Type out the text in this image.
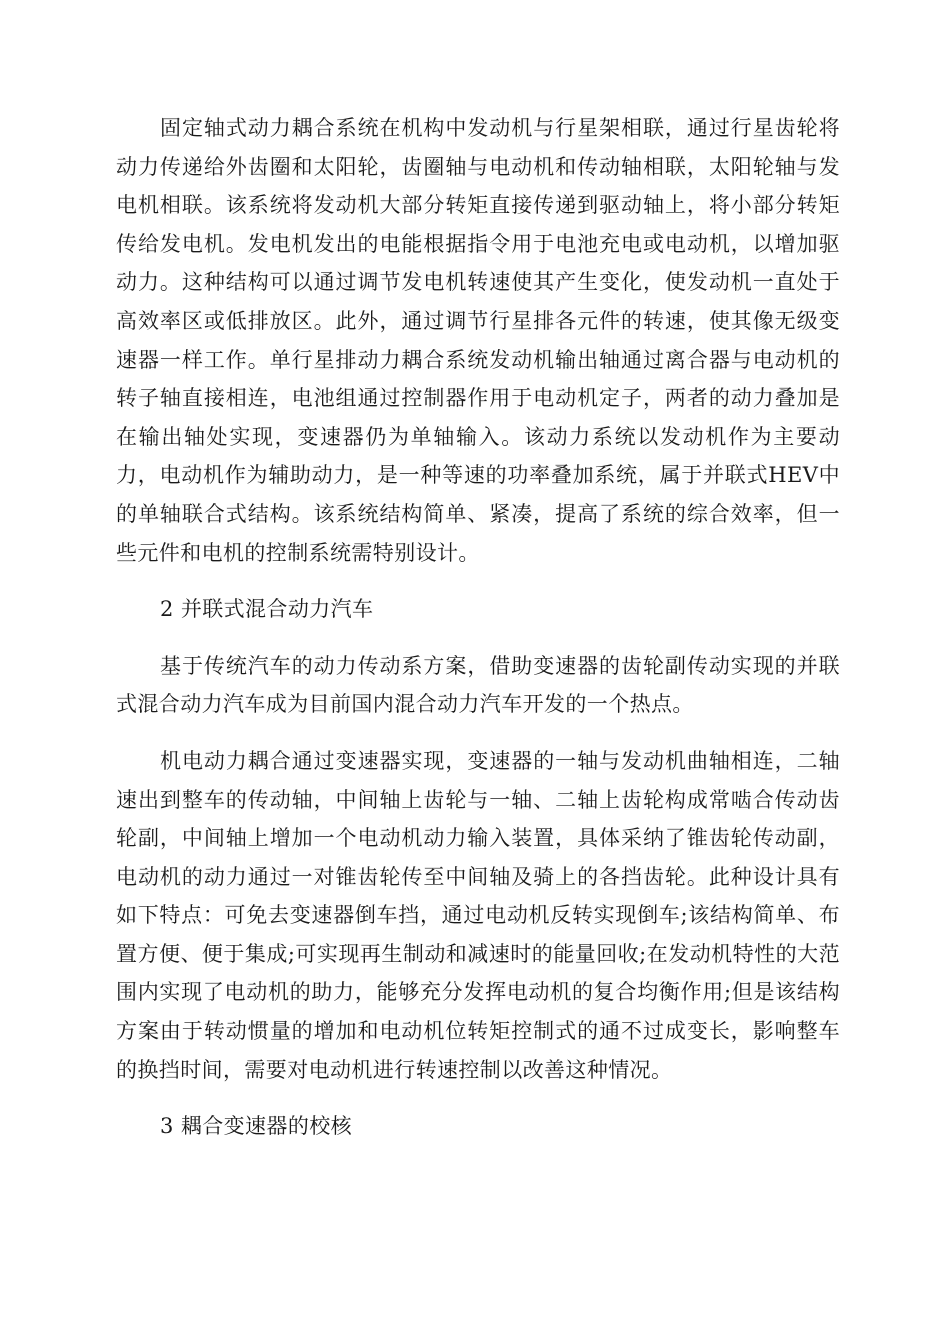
固定轴式动力耦合系统在机构中发动机与行星架相联，通过行星齿轮将动力传递给外齿圈和太阳轮，齿圈轴与电动机和传动轴相联，太阳轮轴与发电机相联。该系统将发动机大部分转矩直接传递到驱动轴上，将小部分转矩传给发电机。发电机发出的电能根据指令用于电池充电或电动机，以增加驱动力。这种结构可以通过调节发电机转速使其产生变化，使发动机一直处于高效率区或低排放区。此外，通过调节行星排各元件的转速，使其像无级变速器一样工作。单行星排动力耦合系统发动机输出轴通过离合器与电动机的转子轴直接相连，电池组通过控制器作用于电动机定子，两者的动力叠加是在输出轴处实现，变速器仍为单轴输入。该动力系统以发动机作为主要动力，电动机作为辅助动力，是一种等速的功率叠加系统，属于并联式HEV中的单轴联合式结构。该系统结构简单、紧凑，提高了系统的综合效率，但一些元件和电机的控制系统需特别设计。

2 并联式混合动力汽车

基于传统汽车的动力传动系方案，借助变速器的齿轮副传动实现的并联式混合动力汽车成为目前国内混合动力汽车开发的一个热点。

机电动力耦合通过变速器实现，变速器的一轴与发动机曲轴相连，二轴速出到整车的传动轴，中间轴上齿轮与一轴、二轴上齿轮构成常啮合传动齿轮副，中间轴上增加一个电动机动力输入装置，具体采纳了锥齿轮传动副，电动机的动力通过一对锥齿轮传至中间轴及骑上的各挡齿轮。此种设计具有如下特点：可免去变速器倒车挡，通过电动机反转实现倒车;该结构简单、布置方便、便于集成;可实现再生制动和减速时的能量回收;在发动机特性的大范围内实现了电动机的助力，能够充分发挥电动机的复合均衡作用;但是该结构方案由于转动惯量的增加和电动机位转矩控制式的通不过成变长，影响整车的换挡时间，需要对电动机进行转速控制以改善这种情况。

3 耦合变速器的校核
